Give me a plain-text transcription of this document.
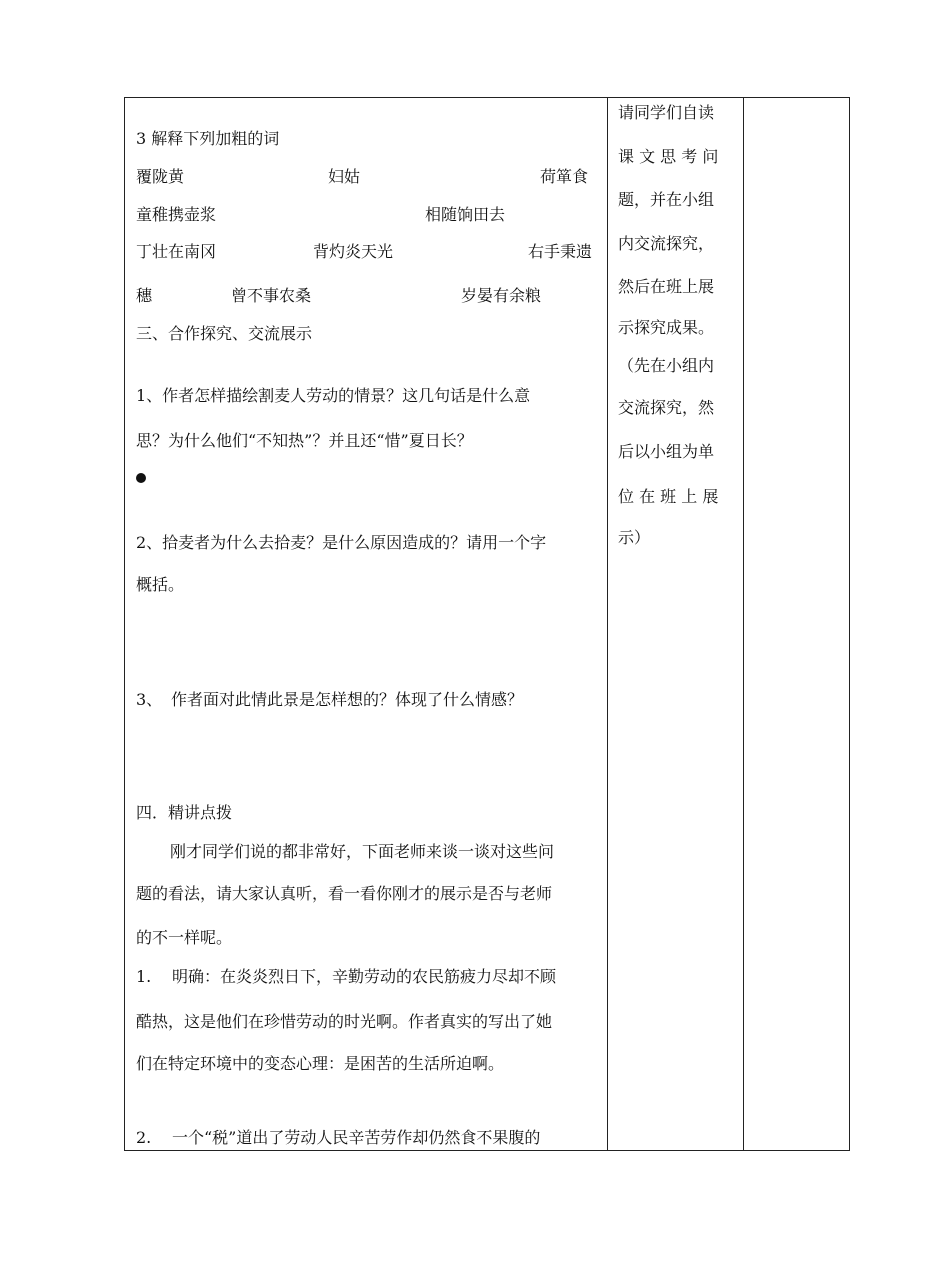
3 解释下列加粗的词
覆陇黄	妇姑	荷箪食
童稚携壶浆	相随饷田去
丁壮在南冈	背灼炎天光	右手秉遗
穗	曾不事农桑	岁晏有余粮
三、合作探究、交流展示
1、作者怎样描绘割麦人劳动的情景？这几句话是什么意
思？为什么他们“不知热”？并且还“惜”夏日长？
2、拾麦者为什么去拾麦？是什么原因造成的？请用一个字
概括。
3、 作者面对此情此景是怎样想的？体现了什么情感？
四．精讲点拨
刚才同学们说的都非常好，下面老师来谈一谈对这些问
题的看法，请大家认真听，看一看你刚才的展示是否与老师
的不一样呢。
1. 明确：在炎炎烈日下，辛勤劳动的农民筋疲力尽却不顾
酷热，这是他们在珍惜劳动的时光啊。作者真实的写出了她
们在特定环境中的变态心理：是困苦的生活所迫啊。
2. 一个“税”道出了劳动人民辛苦劳作却仍然食不果腹的
请同学们自读
课 文 思 考 问
题，并在小组
内交流探究，
然后在班上展
示探究成果。
（先在小组内
交流探究，然
后以小组为单
位 在 班 上 展
示）
